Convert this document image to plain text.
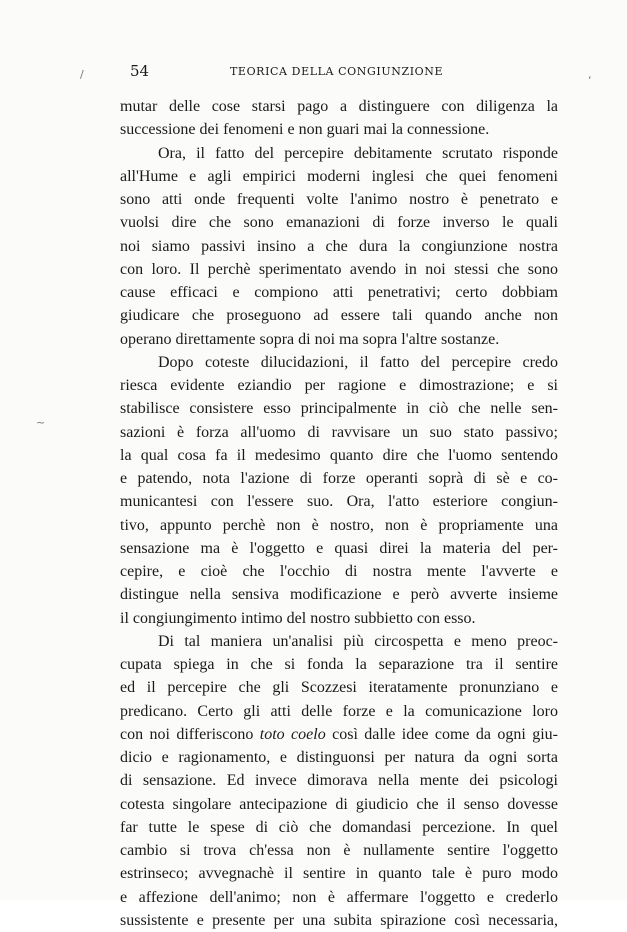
54	TEORICA DELLA CONGIUNZIONE
/	,
~
mutar delle cose starsi pago a distinguere con diligenza la
successione dei fenomeni e non guari mai la connessione.
Ora, il fatto del percepire debitamente scrutato risponde
all'Hume e agli empirici moderni inglesi che quei fenomeni
sono atti onde frequenti volte l'animo nostro è penetrato e
vuolsi dire che sono emanazioni di forze inverso le quali
noi siamo passivi insino a che dura la congiunzione nostra
con loro. Il perchè sperimentato avendo in noi stessi che sono
cause efficaci e compiono atti penetrativi; certo dobbiam
giudicare che proseguono ad essere tali quando anche non
operano direttamente sopra di noi ma sopra l'altre sostanze.
Dopo coteste dilucidazioni, il fatto del percepire credo
riesca evidente eziandio per ragione e dimostrazione; e si
stabilisce consistere esso principalmente in ciò che nelle sen-
sazioni è forza all'uomo di ravvisare un suo stato passivo;
la qual cosa fa il medesimo quanto dire che l'uomo sentendo
e patendo, nota l'azione di forze operanti soprà di sè e co-
municantesi con l'essere suo. Ora, l'atto esteriore congiun-
tivo, appunto perchè non è nostro, non è propriamente una
sensazione ma è l'oggetto e quasi direi la materia del per-
cepire, e cioè che l'occhio di nostra mente l'avverte e
distingue nella sensiva modificazione e però avverte insieme
il congiungimento intimo del nostro subbietto con esso.
Di tal maniera un'analisi più circospetta e meno preoc-
cupata spiega in che si fonda la separazione tra il sentire
ed il percepire che gli Scozzesi iteratamente pronunziano e
predicano. Certo gli atti delle forze e la comunicazione loro
con noi differiscono toto coelo così dalle idee come da ogni giu-
dicio e ragionamento, e distinguonsi per natura da ogni sorta
di sensazione. Ed invece dimorava nella mente dei psicologi
cotesta singolare antecipazione di giudicio che il senso dovesse
far tutte le spese di ciò che domandasi percezione. In quel
cambio si trova ch'essa non è nullamente sentire l'oggetto
estrinseco; avvegnachè il sentire in quanto tale è puro modo
e affezione dell'animo; non è affermare l'oggetto e crederlo
sussistente e presente per una subita spirazione così necessaria,
